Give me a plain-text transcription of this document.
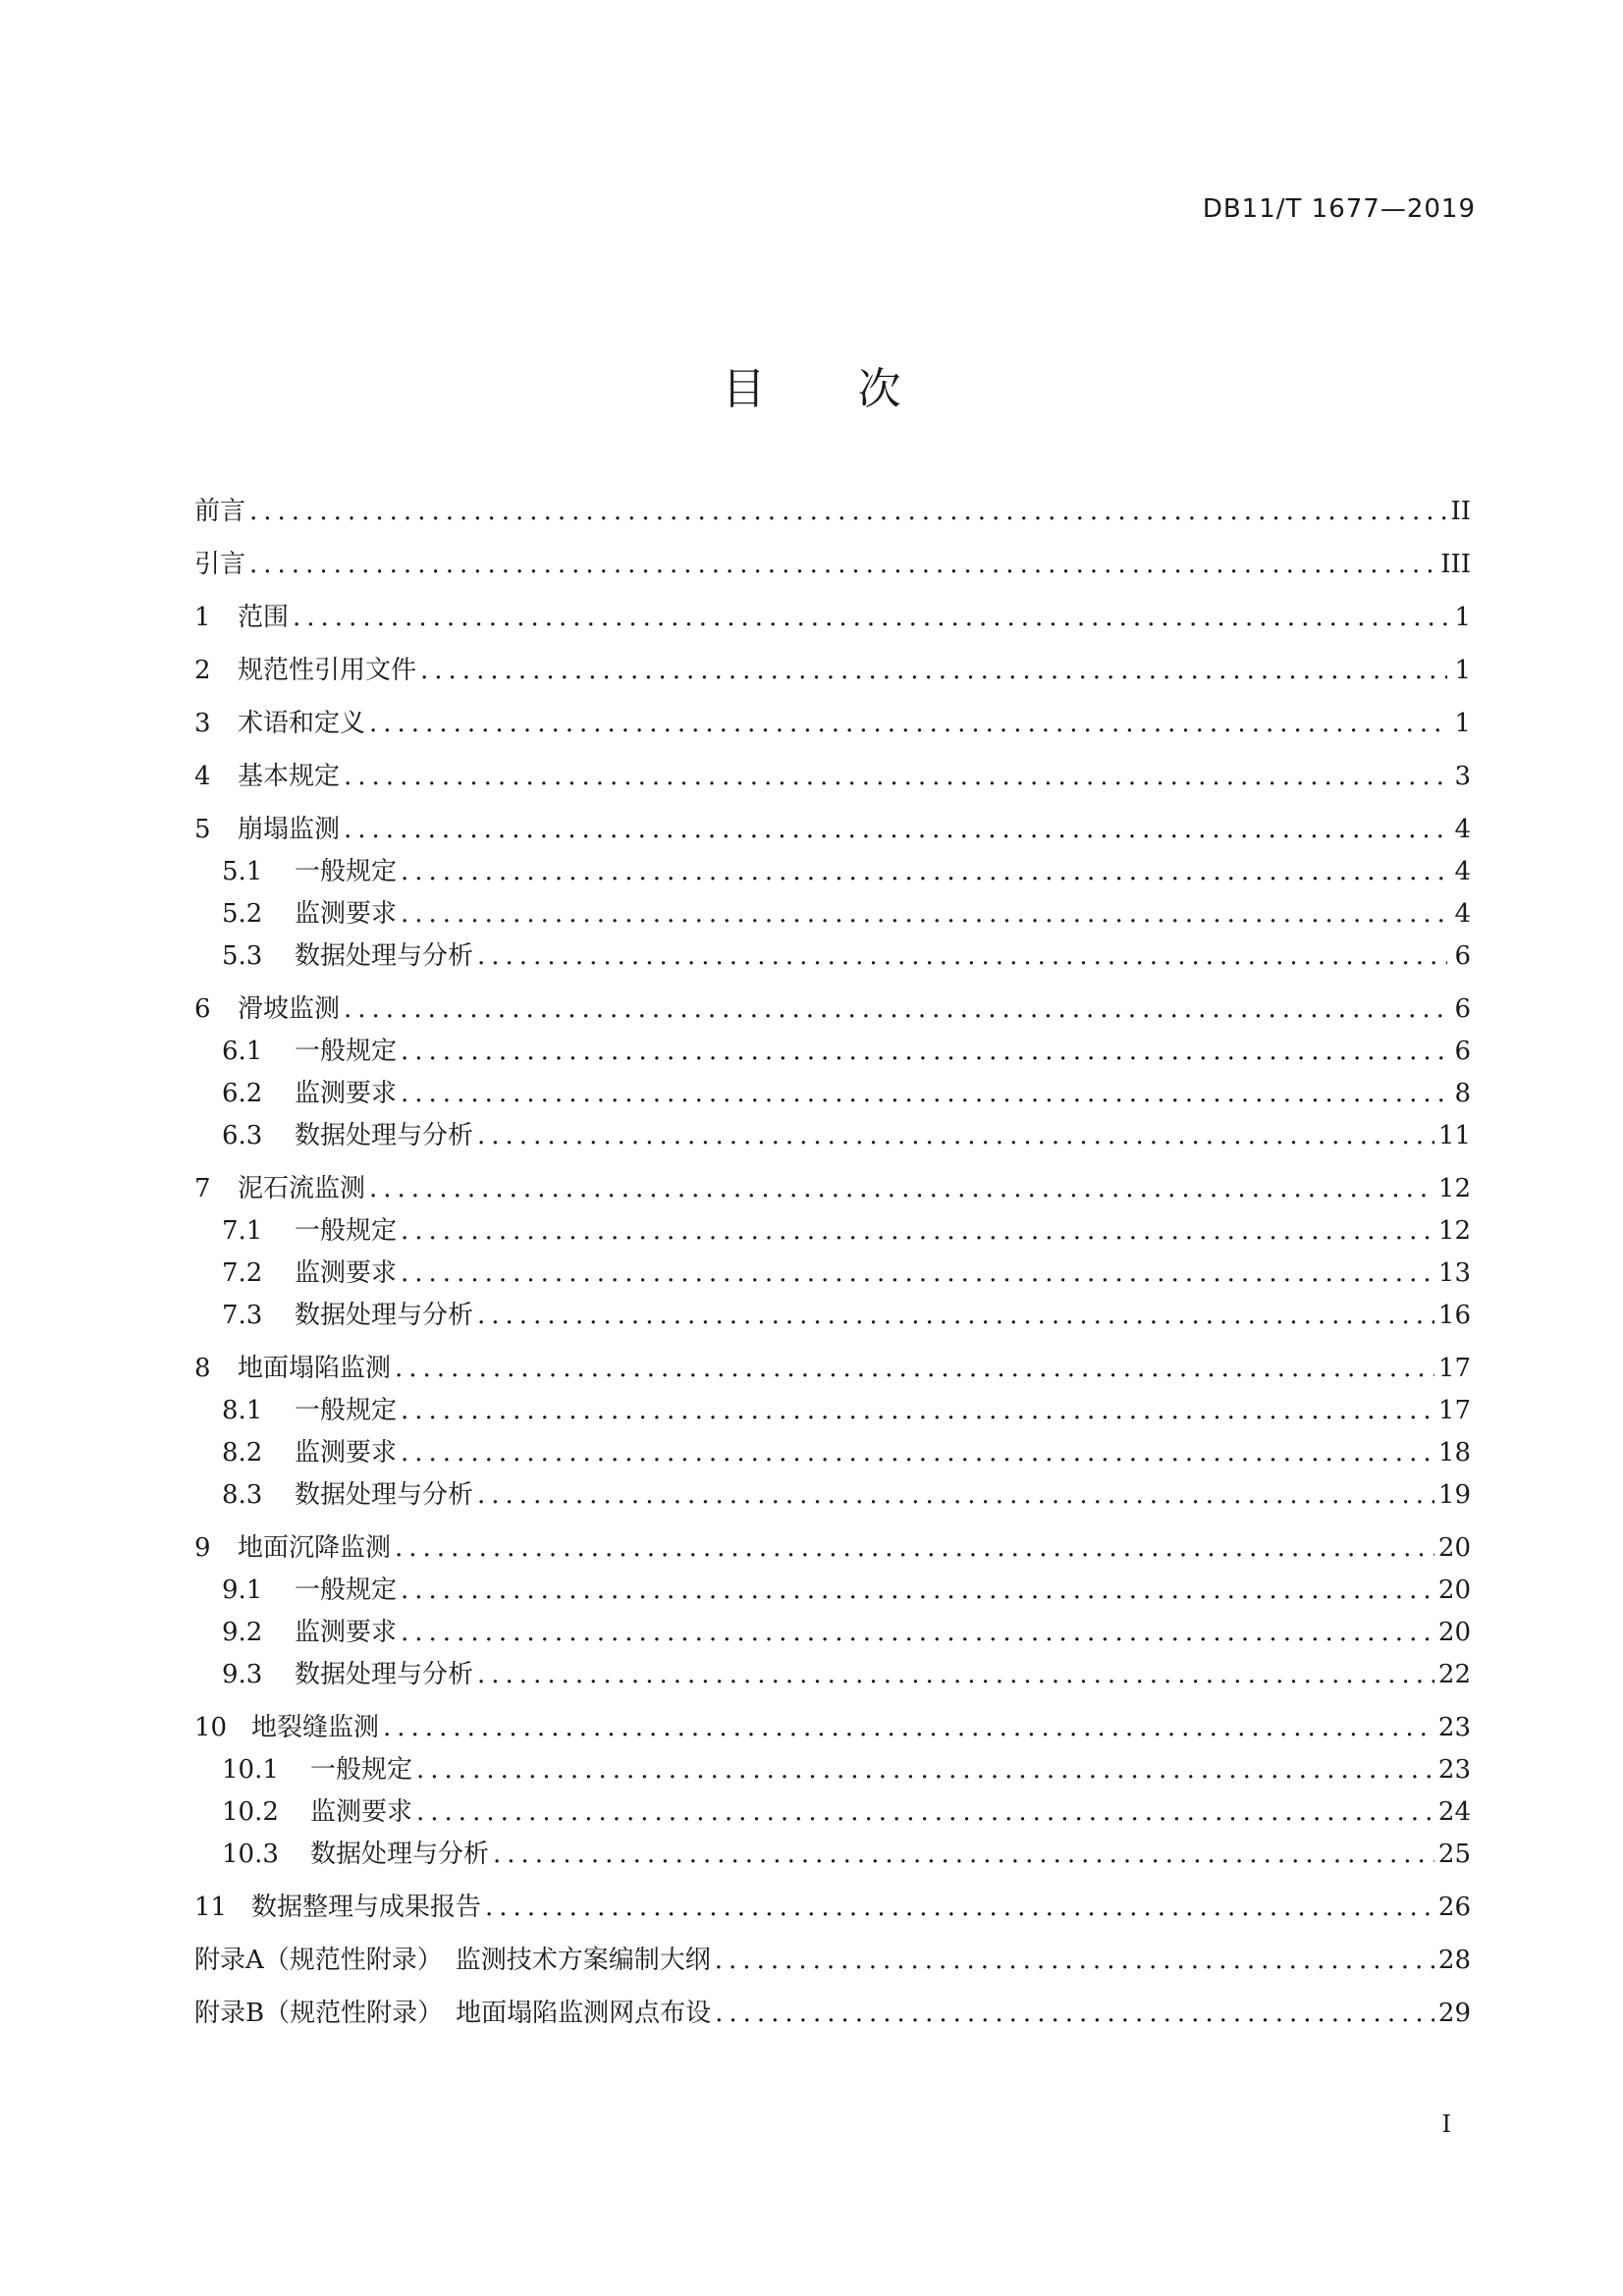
DB11/T 1677—2019
目 次
前言 .....	II
引言 .....	III
1	范围 .....	1
2	规范性引用文件 .....	1
3	术语和定义 .....	1
4	基本规定 .....	3
5	崩塌监测 .....	4
5.1	一般规定 .....	4
5.2	监测要求 .....	4
5.3	数据处理与分析 .....	6
6	滑坡监测 .....	6
6.1	一般规定 .....	6
6.2	监测要求 .....	8
6.3	数据处理与分析 .....	11
7	泥石流监测 .....	12
7.1	一般规定 .....	12
7.2	监测要求 .....	13
7.3	数据处理与分析 .....	16
8	地面塌陷监测 .....	17
8.1	一般规定 .....	17
8.2	监测要求 .....	18
8.3	数据处理与分析 .....	19
9	地面沉降监测 .....	20
9.1	一般规定 .....	20
9.2	监测要求 .....	20
9.3	数据处理与分析 .....	22
10 地裂缝监测 .....	23
10.1	一般规定 .....	23
10.2	监测要求 .....	24
10.3	数据处理与分析 .....	25
11 数据整理与成果报告 .....	26
附录A（规范性附录）　监测技术方案编制大纲 .....	28
附录B（规范性附录）　地面塌陷监测网点布设 .....	29
I
